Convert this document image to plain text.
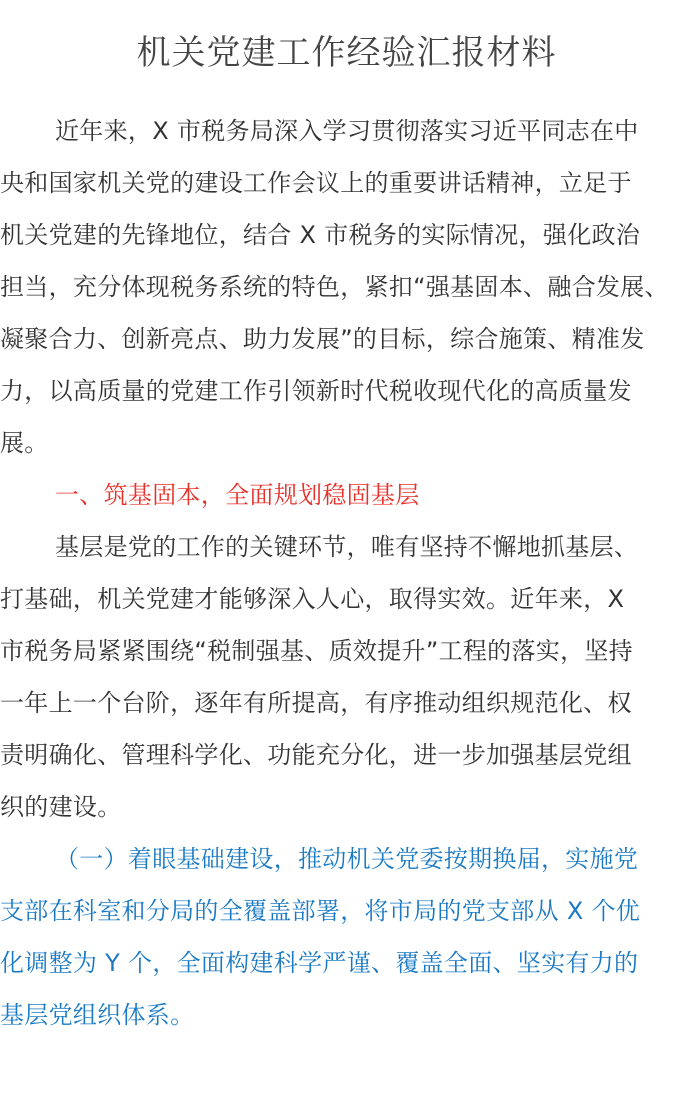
机关党建工作经验汇报材料

近年来，X 市税务局深入学习贯彻落实习近平同志在中

央和国家机关党的建设工作会议上的重要讲话精神，立足于

机关党建的先锋地位，结合 X 市税务的实际情况，强化政治

担当，充分体现税务系统的特色，紧扣“强基固本、融合发展、

凝聚合力、创新亮点、助力发展”的目标，综合施策、精准发

力，以高质量的党建工作引领新时代税收现代化的高质量发

展。

一、筑基固本，全面规划稳固基层

基层是党的工作的关键环节，唯有坚持不懈地抓基层、

打基础，机关党建才能够深入人心，取得实效。近年来，X

市税务局紧紧围绕“税制强基、质效提升”工程的落实，坚持

一年上一个台阶，逐年有所提高，有序推动组织规范化、权

责明确化、管理科学化、功能充分化，进一步加强基层党组

织的建设。

（一）着眼基础建设，推动机关党委按期换届，实施党

支部在科室和分局的全覆盖部署，将市局的党支部从 X 个优

化调整为 Y 个，全面构建科学严谨、覆盖全面、坚实有力的

基层党组织体系。
